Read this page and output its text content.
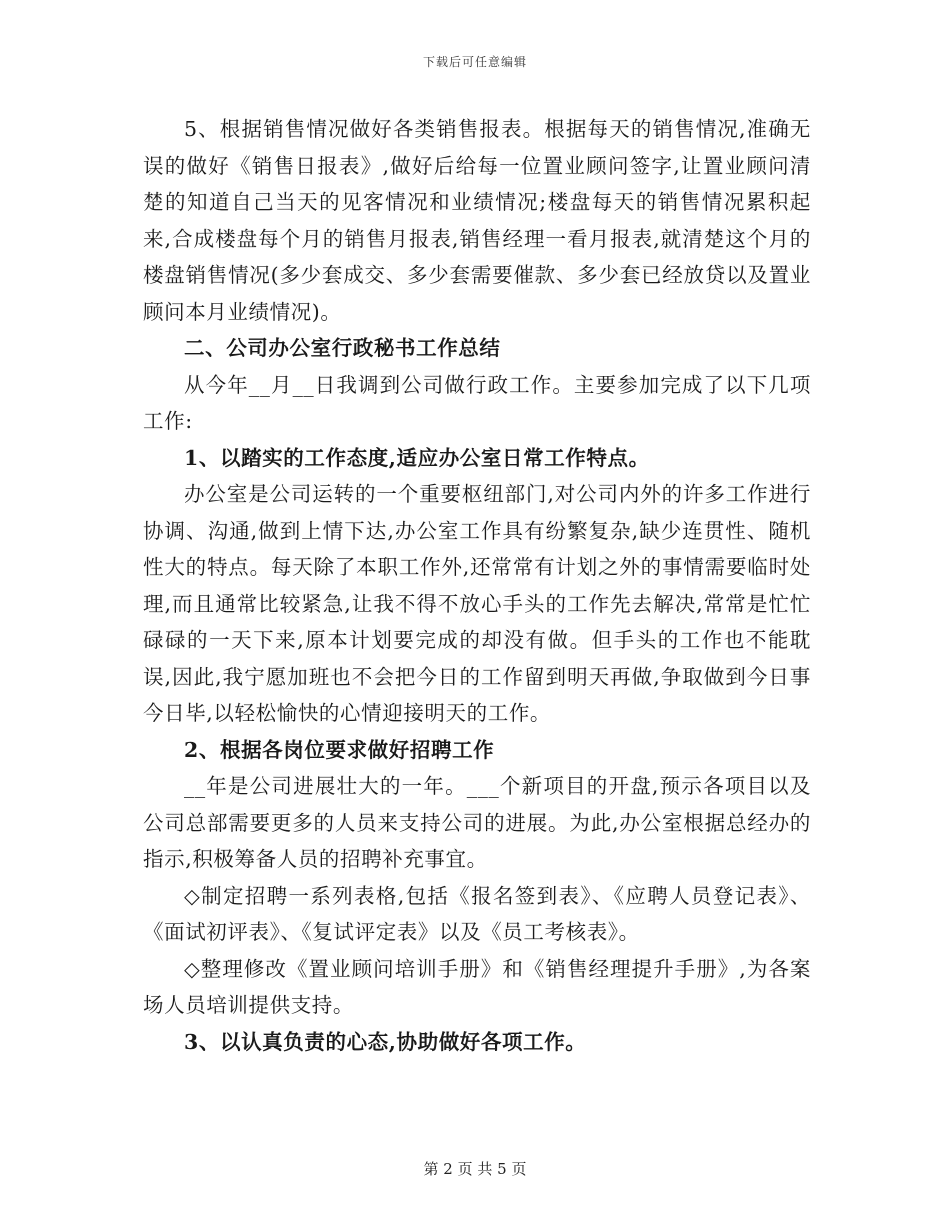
下载后可任意编辑

5、根据销售情况做好各类销售报表。根据每天的销售情况,准确无误的做好《销售日报表》,做好后给每一位置业顾问签字,让置业顾问清楚的知道自己当天的见客情况和业绩情况;楼盘每天的销售情况累积起来,合成楼盘每个月的销售月报表,销售经理一看月报表,就清楚这个月的楼盘销售情况(多少套成交、多少套需要催款、多少套已经放贷以及置业顾问本月业绩情况)。

二、公司办公室行政秘书工作总结

从今年__月__日我调到公司做行政工作。主要参加完成了以下几项工作:

1、以踏实的工作态度,适应办公室日常工作特点。

办公室是公司运转的一个重要枢纽部门,对公司内外的许多工作进行协调、沟通,做到上情下达,办公室工作具有纷繁复杂,缺少连贯性、随机性大的特点。每天除了本职工作外,还常常有计划之外的事情需要临时处理,而且通常比较紧急,让我不得不放心手头的工作先去解决,常常是忙忙碌碌的一天下来,原本计划要完成的却没有做。但手头的工作也不能耽误,因此,我宁愿加班也不会把今日的工作留到明天再做,争取做到今日事今日毕,以轻松愉快的心情迎接明天的工作。

2、根据各岗位要求做好招聘工作

__年是公司进展壮大的一年。___个新项目的开盘,预示各项目以及公司总部需要更多的人员来支持公司的进展。为此,办公室根据总经办的指示,积极筹备人员的招聘补充事宜。

◇制定招聘一系列表格,包括《报名签到表》、《应聘人员登记表》、《面试初评表》、《复试评定表》以及《员工考核表》。

◇整理修改《置业顾问培训手册》和《销售经理提升手册》,为各案场人员培训提供支持。

3、以认真负责的心态,协助做好各项工作。

第 2 页 共 5 页
